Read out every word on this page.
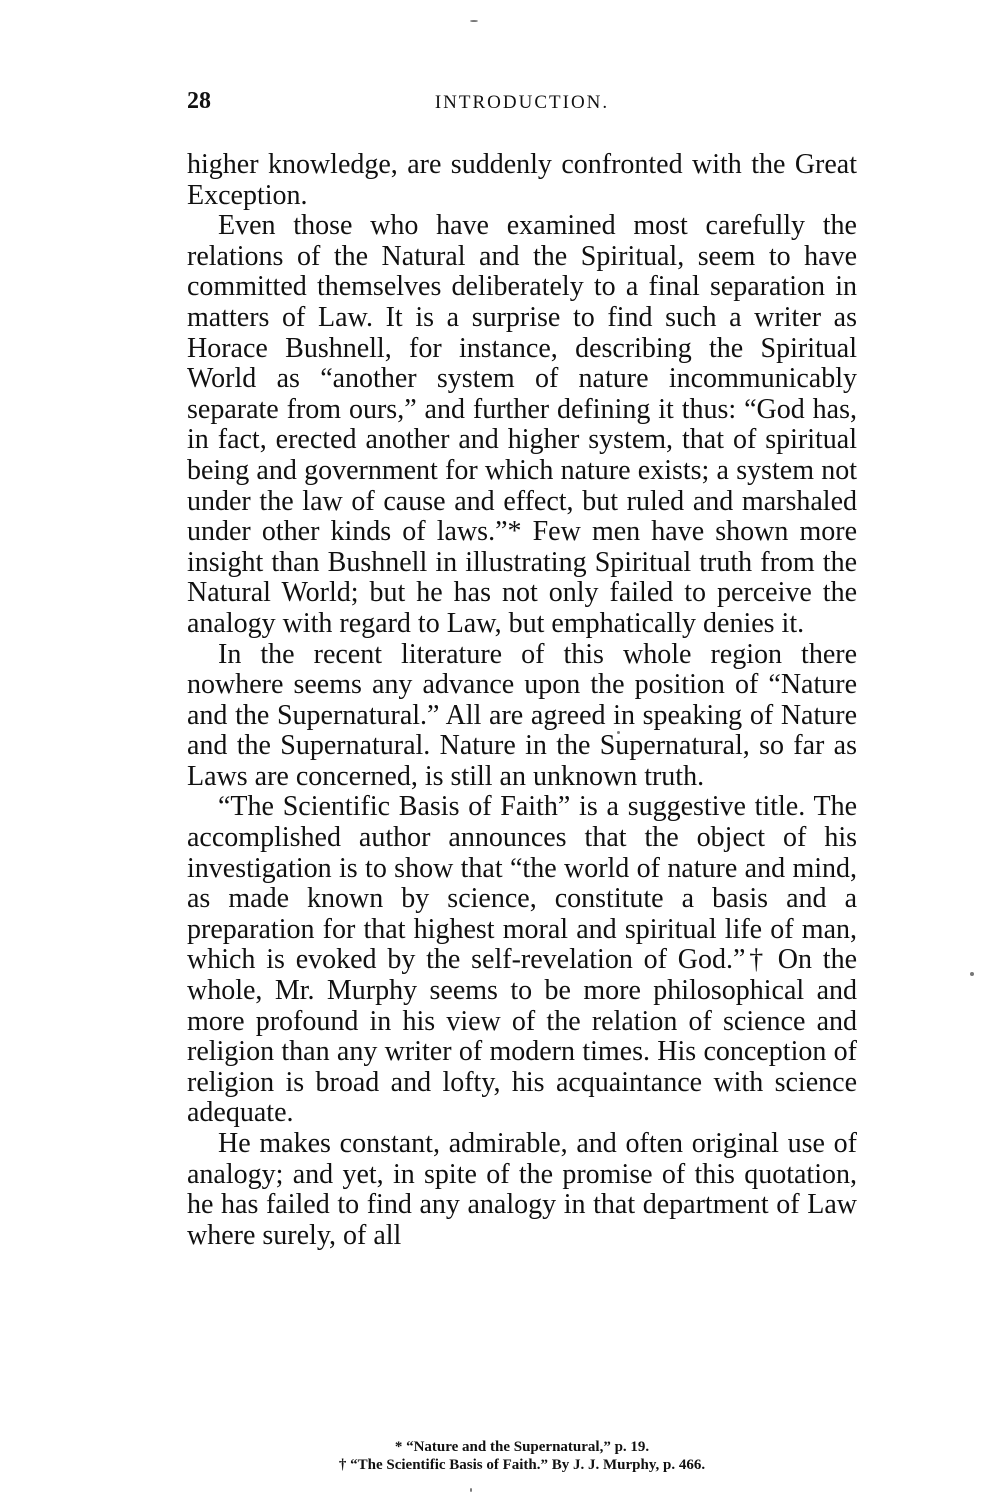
28	INTRODUCTION.

higher knowledge, are suddenly confronted with the Great Exception.

Even those who have examined most carefully the relations of the Natural and the Spiritual, seem to have committed themselves deliberately to a final separation in matters of Law. It is a surprise to find such a writer as Horace Bushnell, for instance, describing the Spiritual World as “another system of nature incommunicably separate from ours,” and further defining it thus: “God has, in fact, erected another and higher system, that of spiritual being and government for which nature exists; a system not under the law of cause and effect, but ruled and marshaled under other kinds of laws.”* Few men have shown more insight than Bushnell in illustrating Spiritual truth from the Natural World; but he has not only failed to perceive the analogy with regard to Law, but emphatically denies it.

In the recent literature of this whole region there nowhere seems any advance upon the position of “Nature and the Supernatural.” All are agreed in speaking of Nature and the Supernatural. Nature in the Supernatural, so far as Laws are concerned, is still an unknown truth.

“The Scientific Basis of Faith” is a suggestive title. The accomplished author announces that the object of his investigation is to show that “the world of nature and mind, as made known by science, constitute a basis and a preparation for that highest moral and spiritual life of man, which is evoked by the self-revelation of God.”† On the whole, Mr. Murphy seems to be more philosophical and more profound in his view of the relation of science and religion than any writer of modern times. His conception of religion is broad and lofty, his acquaintance with science adequate.

He makes constant, admirable, and often original use of analogy; and yet, in spite of the promise of this quotation, he has failed to find any analogy in that department of Law where surely, of all

* “Nature and the Supernatural,” p. 19.

† “The Scientific Basis of Faith.” By J. J. Murphy, p. 466.
